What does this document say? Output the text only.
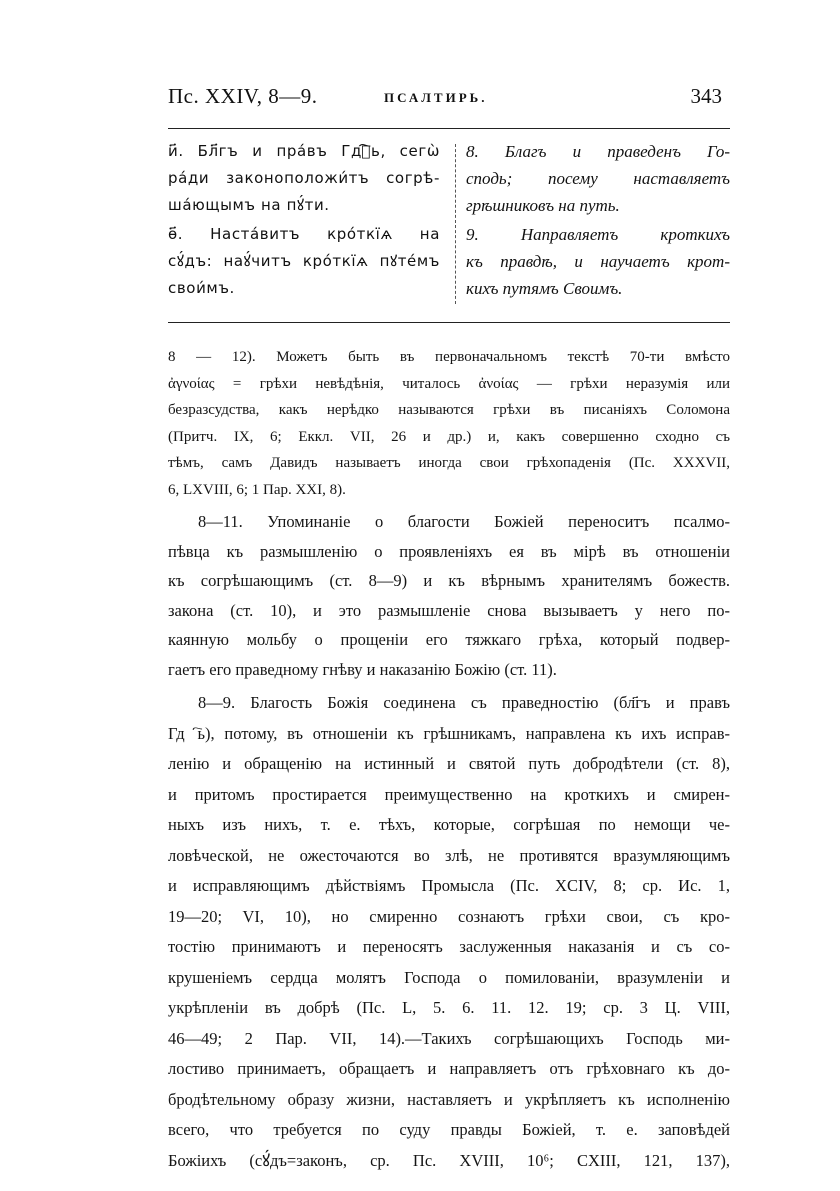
Пс. XXIV, 8—9.	ПСАЛТИРЬ.	343
и҃. Бл҃гъ и пра́въ Гдⷭ҇ь, сегѡ̀
ра́ди законоположи́тъ согрѣ-
ша́ющымъ на пꙋ́ти.
ѳ҃. Наста́витъ кро́ткїѧ на
сꙋ́дъ: наꙋ́читъ кро́ткїѧ пꙋте́мъ
свои́мъ.
8. Благъ и праведенъ Го-
сподь; посему наставляетъ
грѣшниковъ на путь.
9. Направляетъ кроткихъ
къ правдѣ, и научаетъ крот-
кихъ путямъ Своимъ.

8 — 12). Можетъ быть въ первоначальномъ текстѣ 70-ти вмѣсто
ἀγνοίας = грѣхи невѣдѣнія, читалось ἀνοίας — грѣхи неразумія или
безразсудства, какъ нерѣдко называются грѣхи въ писаніяхъ Соломона
(Притч. IX, 6; Еккл. VII, 26 и др.) и, какъ совершенно сходно съ
тѣмъ, самъ Давидъ называетъ иногда свои грѣхопаденія (Пс. XXXVII,
6, LXVIII, 6; 1 Пар. XXI, 8).

8—11. Упоминаніе о благости Божіей переноситъ псалмо-
пѣвца къ размышленію о проявленіяхъ ея въ мірѣ въ отношеніи
къ согрѣшающимъ (ст. 8—9) и къ вѣрнымъ хранителямъ божеств.
закона (ст. 10), и это размышленіе снова вызываетъ у него по-
каянную мольбу о прощеніи его тяжкаго грѣха, который подвер-
гаетъ его праведному гнѣву и наказанію Божію (ст. 11).

8—9. Благость Божія соединена съ праведностію (бл҃гъ и правъ
Гдⷭ҇ь), потому, въ отношеніи къ грѣшникамъ, направлена къ ихъ исправ-
ленію и обращенію на истинный и святой путь добродѣтели (ст. 8),
и притомъ простирается преимущественно на кроткихъ и смирен-
ныхъ изъ нихъ, т. е. тѣхъ, которые, согрѣшая по немощи че-
ловѣческой, не ожесточаются во злѣ, не противятся вразумляющимъ
и исправляющимъ дѣйствіямъ Промысла (Пс. XCIV, 8; ср. Ис. 1,
19—20; VI, 10), но смиренно сознаютъ грѣхи свои, съ кро-
тостію принимаютъ и переносятъ заслуженныя наказанія и съ со-
крушеніемъ сердца молятъ Господа о помилованіи, вразумленіи и
укрѣпленіи въ добрѣ (Пс. L, 5. 6. 11. 12. 19; ср. 3 Ц. VIII,
46—49; 2 Пар. VII, 14).—Такихъ согрѣшающихъ Господь ми-
лостиво принимаетъ, обращаетъ и направляетъ отъ грѣховнаго къ до-
бродѣтельному образу жизни, наставляетъ и укрѣпляетъ къ исполненію
всего, что требуется по суду правды Божіей, т. е. заповѣдей
Божіихъ (сꙋ́дъ=законъ, ср. Пс. XVIII, 10⁶; CXIII, 121, 137),
